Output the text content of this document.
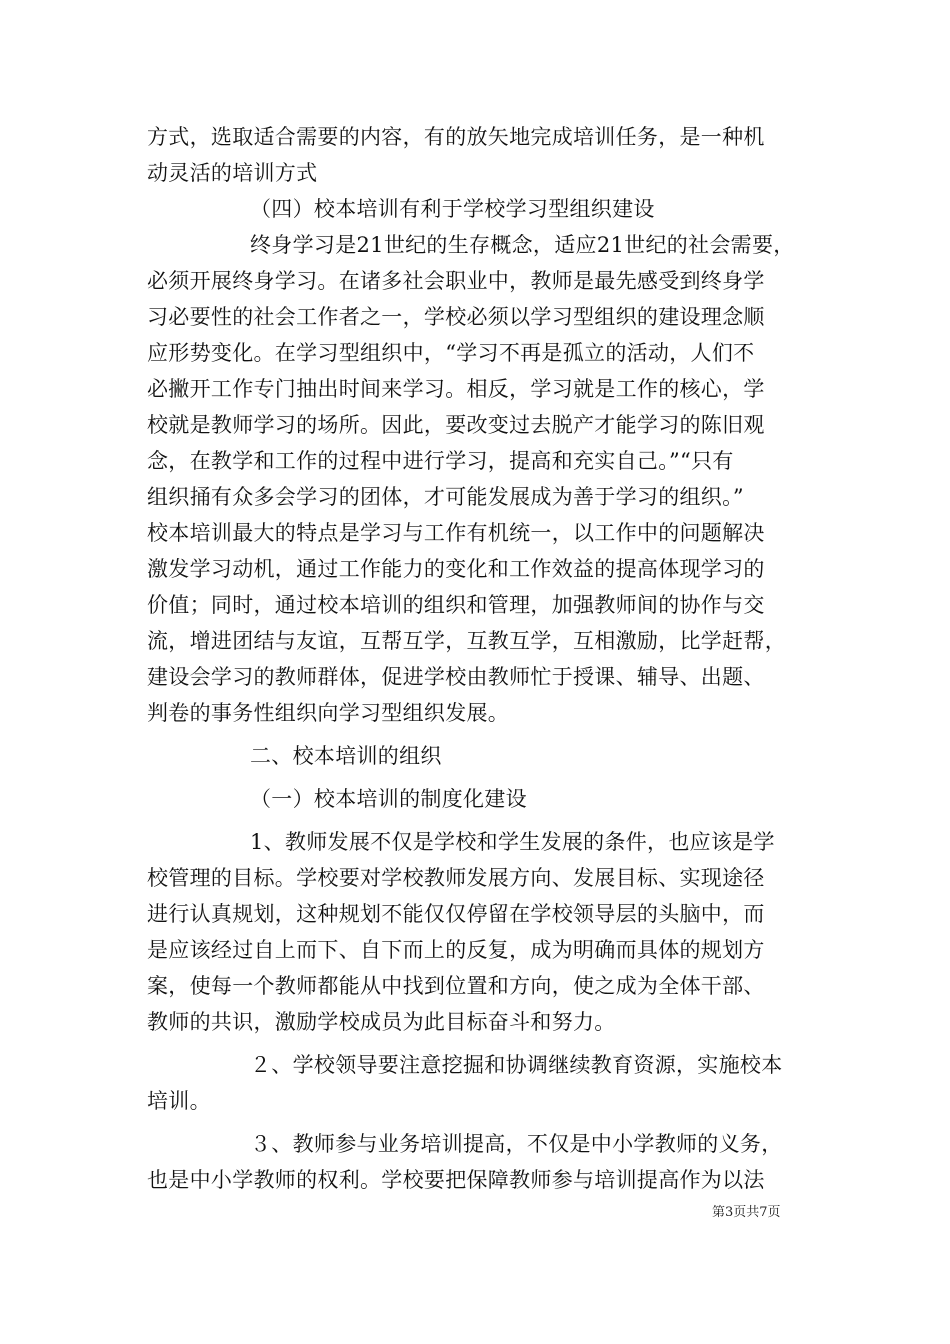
方式，选取适合需要的内容，有的放矢地完成培训任务，是一种机
动灵活的培训方式
（四）校本培训有利于学校学习型组织建设
终身学习是21世纪的生存概念，适应21世纪的社会需要，
必须开展终身学习。在诸多社会职业中，教师是最先感受到终身学
习必要性的社会工作者之一，学校必须以学习型组织的建设理念顺
应形势变化。在学习型组织中，“学习不再是孤立的活动，人们不
必撇开工作专门抽出时间来学习。相反，学习就是工作的核心，学
校就是教师学习的场所。因此，要改变过去脱产才能学习的陈旧观
念，在教学和工作的过程中进行学习，提高和充实自己。”“只有
组织捅有众多会学习的团体，才可能发展成为善于学习的组织。”
校本培训最大的特点是学习与工作有机统一，以工作中的问题解决
激发学习动机，通过工作能力的变化和工作效益的提高体现学习的
价值；同时，通过校本培训的组织和管理，加强教师间的协作与交
流，增进团结与友谊，互帮互学，互教互学，互相激励，比学赶帮，
建设会学习的教师群体，促进学校由教师忙于授课、辅导、出题、
判卷的事务性组织向学习型组织发展。
二、校本培训的组织
（一）校本培训的制度化建设
1、教师发展不仅是学校和学生发展的条件，也应该是学
校管理的目标。学校要对学校教师发展方向、发展目标、实现途径
进行认真规划，这种规划不能仅仅停留在学校领导层的头脑中，而
是应该经过自上而下、自下而上的反复，成为明确而具体的规划方
案，使每一个教师都能从中找到位置和方向，使之成为全体干部、
教师的共识，激励学校成员为此目标奋斗和努力。
２、学校领导要注意挖掘和协调继续教育资源，实施校本
培训。
３、教师参与业务培训提高，不仅是中小学教师的义务，
也是中小学教师的权利。学校要把保障教师参与培训提高作为以法
第3页共7页
